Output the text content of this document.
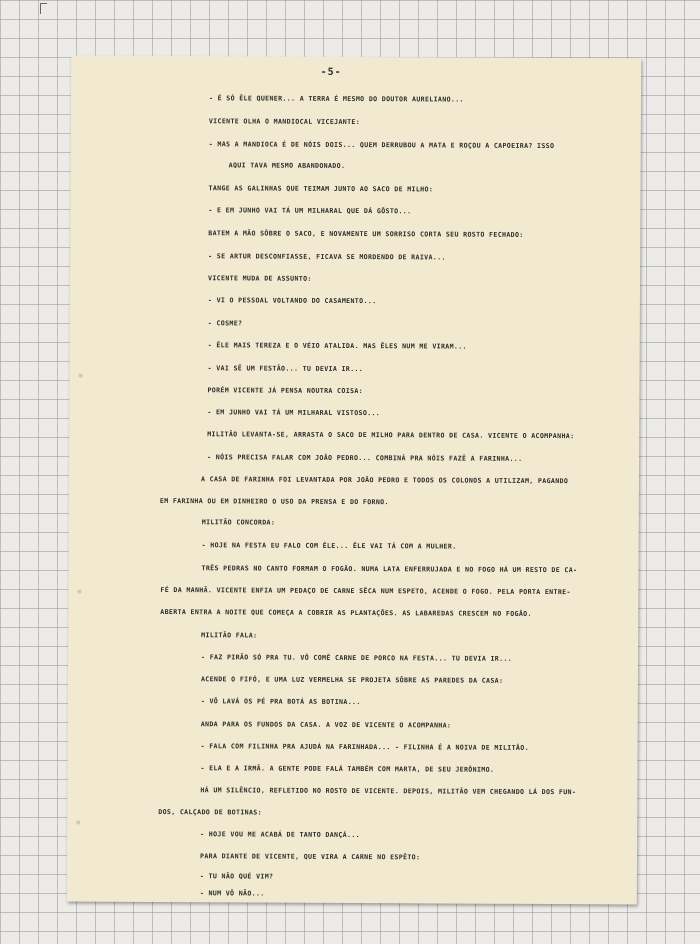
-5-
- É SÓ ÊLE QUENER... A TERRA É MESMO DO DOUTOR AURELIANO...
VICENTE OLHA O MANDIOCAL VICEJANTE:
- MAS A MANDIOCA É DE NÓIS DOIS... QUEM DERRUBOU A MATA E ROÇOU A CAPOEIRA? ISSO
AQUI TAVA MESMO ABANDONADO.
TANGE AS GALINHAS QUE TEIMAM JUNTO AO SACO DE MILHO:
- E EM JUNHO VAI TÁ UM MILHARAL QUE DÁ GÔSTO...
BATEM A MÃO SÔBRE O SACO, E NOVAMENTE UM SORRISO CORTA SEU ROSTO FECHADO:
- SE ARTUR DESCONFIASSE, FICAVA SE MORDENDO DE RAIVA...
VICENTE MUDA DE ASSUNTO:
- VI O PESSOAL VOLTANDO DO CASAMENTO...
- COSME?
- ÊLE MAIS TEREZA E O VÉIO ATALIDA. MAS ÊLES NUM ME VIRAM...
- VAI SÊ UM FESTÃO... TU DEVIA IR...
PORÉM VICENTE JÁ PENSA NOUTRA COISA:
- EM JUNHO VAI TÁ UM MILHARAL VISTOSO...
MILITÃO LEVANTA-SE, ARRASTA O SACO DE MILHO PARA DENTRO DE CASA. VICENTE O ACOMPANHA:
- NÓIS PRECISA FALAR COM JOÃO PEDRO... COMBINÁ PRA NÓIS FAZÊ A FARINHA...
A CASA DE FARINHA FOI LEVANTADA POR JOÃO PEDRO E TODOS OS COLONOS A UTILIZAM, PAGANDO
EM FARINHA OU EM DINHEIRO O USO DA PRENSA E DO FORNO.
MILITÃO CONCORDA:
- HOJE NA FESTA EU FALO COM ÊLE... ÊLE VAI TÁ COM A MULHER.
TRÊS PEDRAS NO CANTO FORMAM O FOGÃO. NUMA LATA ENFERRUJADA E NO FOGO HÁ UM RESTO DE CA-
FÉ DA MANHÃ. VICENTE ENFIA UM PEDAÇO DE CARNE SÊCA NUM ESPETO, ACENDE O FOGO. PELA PORTA ENTRE-
ABERTA ENTRA A NOITE QUE COMEÇA A COBRIR AS PLANTAÇÕES. AS LABAREDAS CRESCEM NO FOGÃO.
MILITÃO FALA:
- FAZ PIRÃO SÓ PRA TU. VÔ COMÊ CARNE DE PORCO NA FESTA... TU DEVIA IR...
ACENDE O FIFÓ, E UMA LUZ VERMELHA SE PROJETA SÔBRE AS PAREDES DA CASA:
- VÔ LAVÁ OS PÉ PRA BOTÁ AS BOTINA...
ANDA PARA OS FUNDOS DA CASA. A VOZ DE VICENTE O ACOMPANHA:
- FALA COM FILINHA PRA AJUDÁ NA FARINHADA... - FILINHA É A NOIVA DE MILITÃO.
- ELA E A IRMÃ. A GENTE PODE FALÁ TAMBÉM COM MARTA, DE SEU JERÔNIMO.
HÁ UM SILÊNCIO, REFLETIDO NO ROSTO DE VICENTE. DEPOIS, MILITÃO VEM CHEGANDO LÁ DOS FUN-
DOS, CALÇADO DE BOTINAS:
- HOJE VOU ME ACABÁ DE TANTO DANÇÁ...
PARA DIANTE DE VICENTE, QUE VIRA A CARNE NO ESPÊTO:
- TU NÃO QUÉ VIM?
- NUM VÔ NÃO...
